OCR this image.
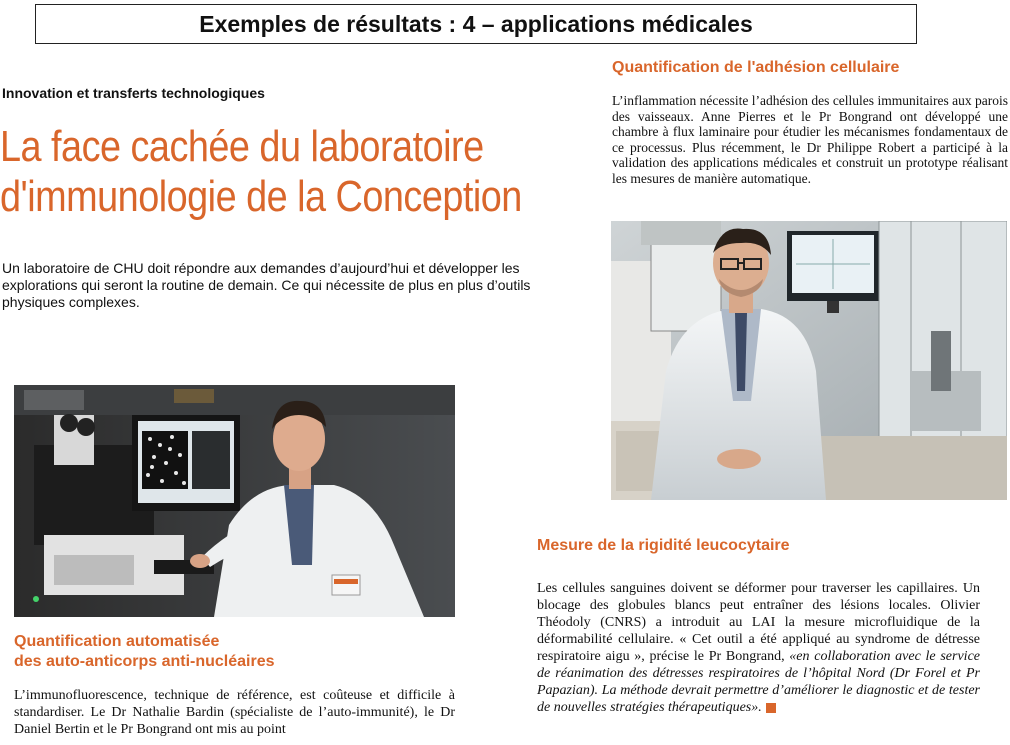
Exemples de résultats : 4 – applications médicales
Innovation et transferts technologiques
La face cachée du laboratoire
d'immunologie de la Conception
Un laboratoire de CHU doit répondre aux demandes d’aujourd’hui et développer les explorations qui seront la routine de demain. Ce qui nécessite de plus en plus d’outils physiques complexes.
Quantification de l'adhésion cellulaire
L’inflammation nécessite l’adhésion des cellules immunitaires aux parois des vaisseaux. Anne Pierres et le Pr Bongrand ont développé une chambre à flux laminaire pour étudier les mécanismes fondamentaux de ce processus. Plus récemment, le Dr Philippe Robert a participé à la validation des applications médicales et construit un prototype réalisant les mesures de manière automatique.
Quantification automatisée
des auto-anticorps anti-nucléaires
L’immunofluorescence, technique de référence, est coûteuse et difficile à standardiser. Le Dr Nathalie Bardin (spécialiste de l’auto-immunité), le Dr Daniel Bertin et le Pr Bongrand ont mis au point
Mesure de la rigidité leucocytaire
Les cellules sanguines doivent se déformer pour traverser les capillaires. Un blocage des globules blancs peut entraîner des lésions locales. Olivier Théodoly (CNRS) a introduit au LAI la mesure microfluidique de la déformabilité cellulaire. « Cet outil a été appliqué au syndrome de détresse respiratoire aigu », précise le Pr Bongrand, «en collaboration avec le service de réanimation des détresses respiratoires de l’hôpital Nord (Dr Forel et Pr Papazian). La méthode devrait permettre d’améliorer le diagnostic et de tester de nouvelles stratégies thérapeutiques».
